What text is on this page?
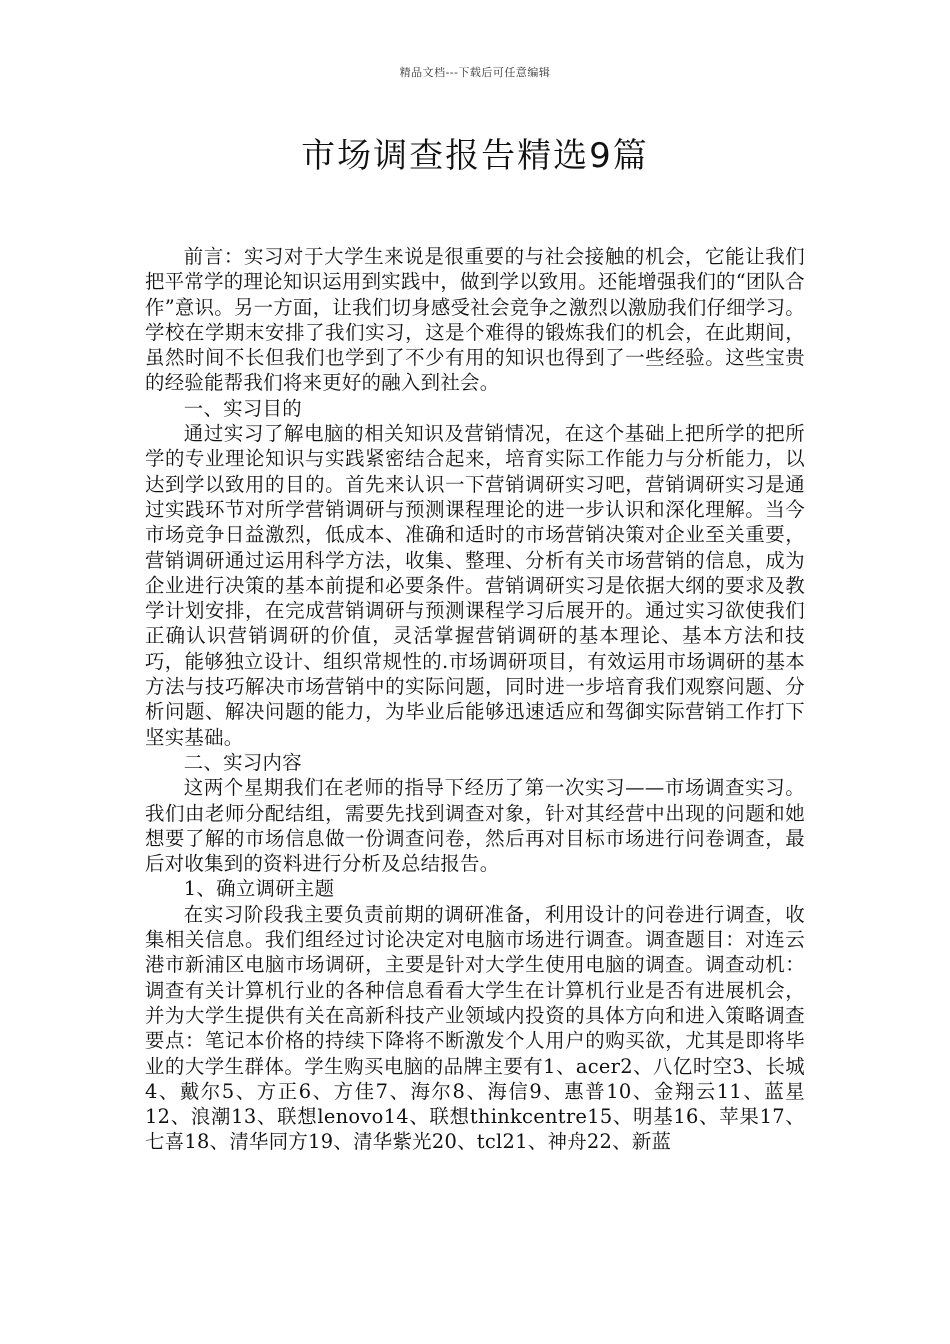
精品文档---下载后可任意编辑
市场调查报告精选9篇

前言：实习对于大学生来说是很重要的与社会接触的机会，它能让我们把平常学的理论知识运用到实践中，做到学以致用。还能增强我们的“团队合作”意识。另一方面，让我们切身感受社会竞争之激烈以激励我们仔细学习。学校在学期末安排了我们实习，这是个难得的锻炼我们的机会，在此期间，虽然时间不长但我们也学到了不少有用的知识也得到了一些经验。这些宝贵的经验能帮我们将来更好的融入到社会。

一、实习目的

通过实习了解电脑的相关知识及营销情况，在这个基础上把所学的把所学的专业理论知识与实践紧密结合起来，培育实际工作能力与分析能力，以达到学以致用的目的。首先来认识一下营销调研实习吧，营销调研实习是通过实践环节对所学营销调研与预测课程理论的进一步认识和深化理解。当今市场竞争日益激烈，低成本、准确和适时的市场营销决策对企业至关重要，营销调研通过运用科学方法，收集、整理、分析有关市场营销的信息，成为企业进行决策的基本前提和必要条件。营销调研实习是依据大纲的要求及教学计划安排，在完成营销调研与预测课程学习后展开的。通过实习欲使我们正确认识营销调研的价值，灵活掌握营销调研的基本理论、基本方法和技巧，能够独立设计、组织常规性的.市场调研项目，有效运用市场调研的基本方法与技巧解决市场营销中的实际问题，同时进一步培育我们观察问题、分析问题、解决问题的能力，为毕业后能够迅速适应和驾御实际营销工作打下坚实基础。

二、实习内容

这两个星期我们在老师的指导下经历了第一次实习——市场调查实习。我们由老师分配结组，需要先找到调查对象，针对其经营中出现的问题和她想要了解的市场信息做一份调查问卷，然后再对目标市场进行问卷调查，最后对收集到的资料进行分析及总结报告。

1、确立调研主题

在实习阶段我主要负责前期的调研准备，利用设计的问卷进行调查，收集相关信息。我们组经过讨论决定对电脑市场进行调查。调查题目：对连云港市新浦区电脑市场调研，主要是针对大学生使用电脑的调查。调查动机：调查有关计算机行业的各种信息看看大学生在计算机行业是否有进展机会，并为大学生提供有关在高新科技产业领域内投资的具体方向和进入策略调查要点：笔记本价格的持续下降将不断激发个人用户的购买欲，尤其是即将毕业的大学生群体。学生购买电脑的品牌主要有1、acer2、八亿时空3、长城4、戴尔5、方正6、方佳7、海尔8、海信9、惠普10、金翔云11、蓝星12、浪潮13、联想lenovo14、联想thinkcentre15、明基16、苹果17、七喜18、清华同方19、清华紫光20、tcl21、神舟22、新蓝
